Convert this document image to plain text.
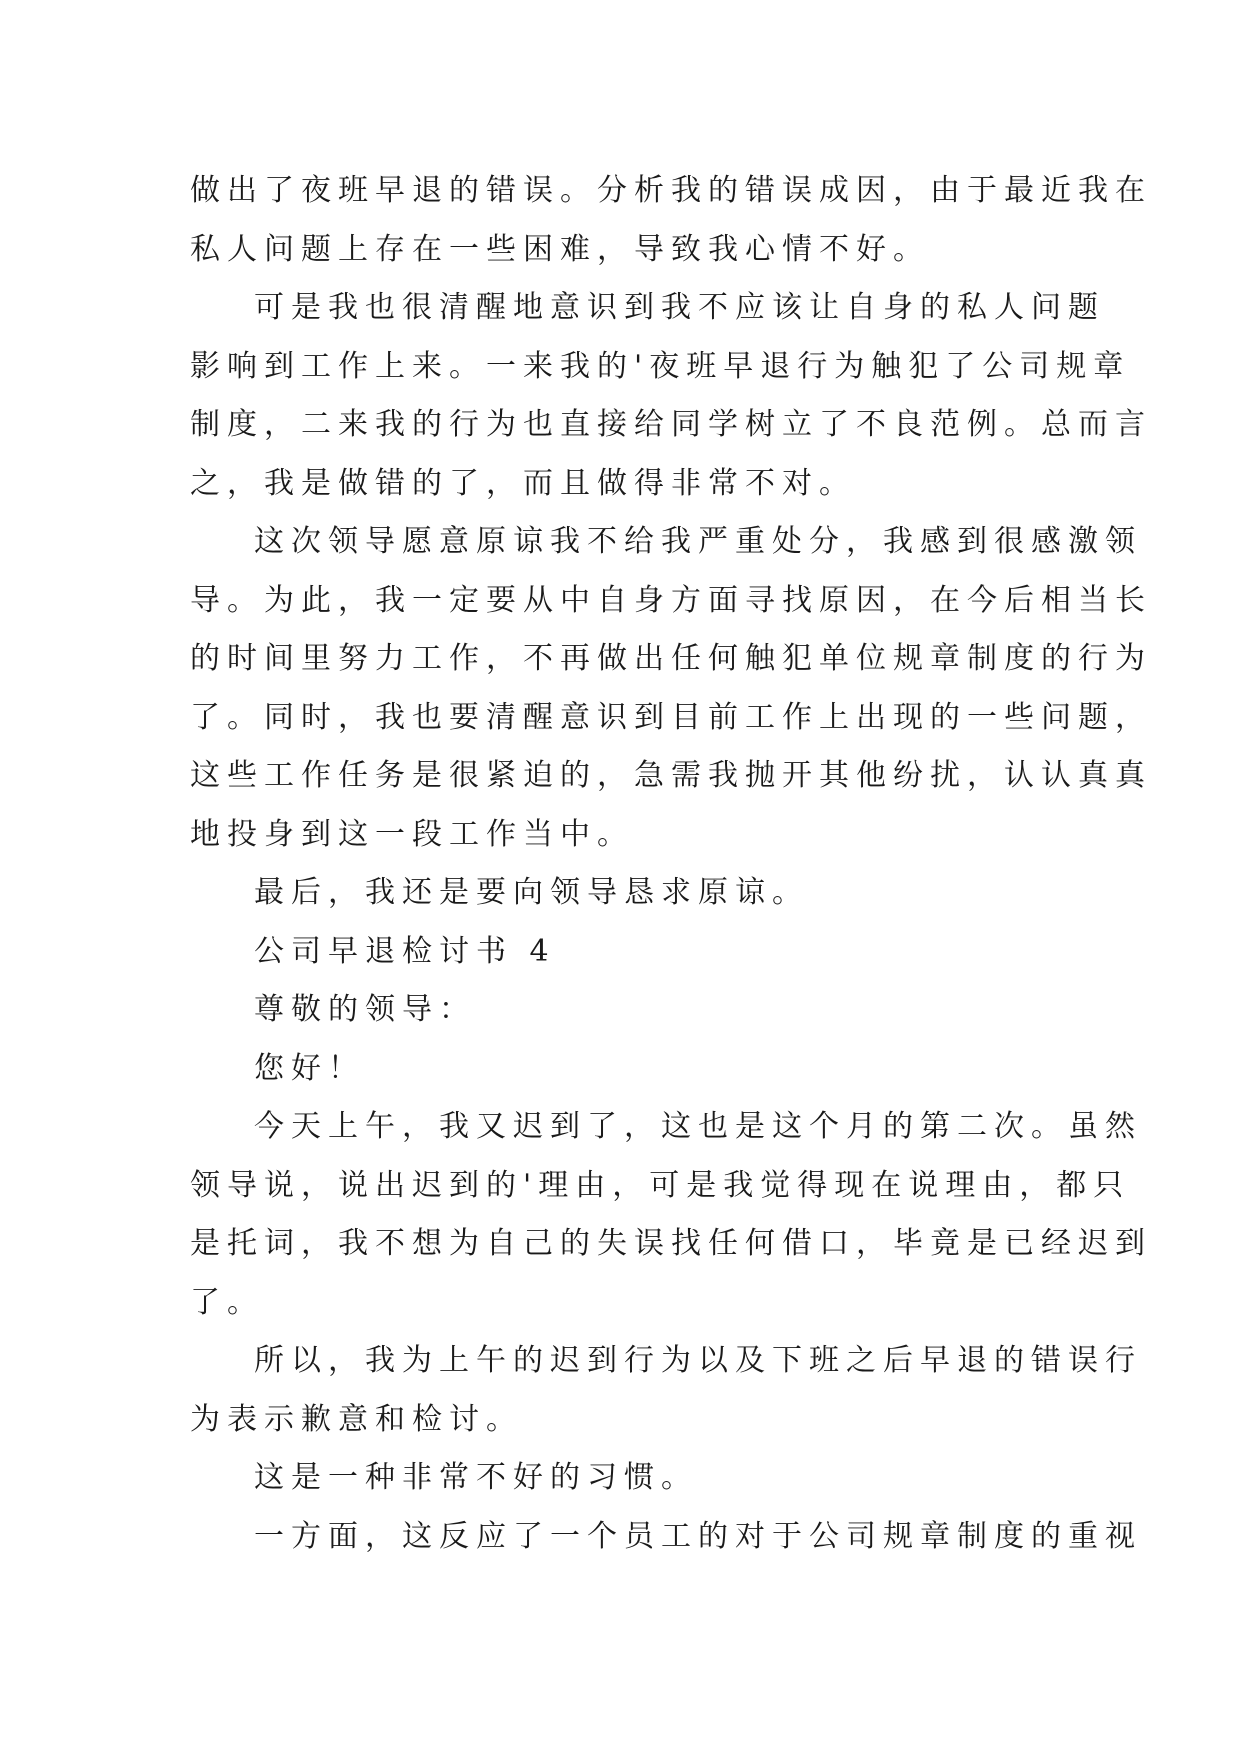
做出了夜班早退的错误。分析我的错误成因，由于最近我在
私人问题上存在一些困难，导致我心情不好。
可是我也很清醒地意识到我不应该让自身的私人问题
影响到工作上来。一来我的'夜班早退行为触犯了公司规章
制度，二来我的行为也直接给同学树立了不良范例。总而言
之，我是做错的了，而且做得非常不对。
这次领导愿意原谅我不给我严重处分，我感到很感激领
导。为此，我一定要从中自身方面寻找原因，在今后相当长
的时间里努力工作，不再做出任何触犯单位规章制度的行为
了。同时，我也要清醒意识到目前工作上出现的一些问题，
这些工作任务是很紧迫的，急需我抛开其他纷扰，认认真真
地投身到这一段工作当中。
最后，我还是要向领导恳求原谅。
公司早退检讨书 4
尊敬的领导：
您好！
今天上午，我又迟到了，这也是这个月的第二次。虽然
领导说，说出迟到的'理由，可是我觉得现在说理由，都只
是托词，我不想为自己的失误找任何借口，毕竟是已经迟到
了。
所以，我为上午的迟到行为以及下班之后早退的错误行
为表示歉意和检讨。
这是一种非常不好的习惯。
一方面，这反应了一个员工的对于公司规章制度的重视
